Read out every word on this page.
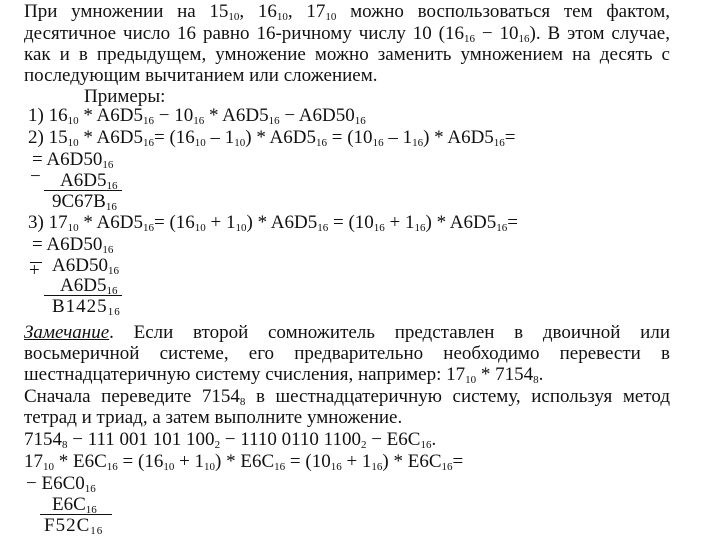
При умножении на $15_{10}$, $16_{10}$, $17_{10}$ можно воспользоваться тем фактом,
десятичное число 16 равно 16-ричному числу 10 $(16_{16} - 10_{16})$. В этом случае,
как и в предыдущем, умножение можно заменить умножением на десять с
последующим вычитанием или сложением.
Примеры:
1) $16_{10} * A6D5_{16} - 10_{16} * A6D5_{16} - A6D50_{16}$
2) $15_{10} * A6D5_{16}= (16_{10} - 1_{10}) * A6D5_{16} = (10_{16} - 1_{16}) * A6D5_{16}=$
= $A6D50_{16}$
− $A6D5_{16}$
$9C67B_{16}$
3) $17_{10} * A6D5_{16}= (16_{10} + 1_{10}) * A6D5_{16} = (10_{16} + 1_{16}) * A6D5_{16}=$
= $A6D50_{16}$
+ $A6D50_{16}$
$A6D5_{16}$
$B1425_{16}$
Замечание. Если второй сомножитель представлен в двоичной или
восьмеричной системе, его предварительно необходимо перевести в
шестнадцатеричную систему счисления, например: $17_{10} * 7154_8$.
Сначала переведите $7154_8$ в шестнадцатеричную систему, используя метод
тетрад и триад, а затем выполните умножение.
$7154_8 - 111$ 001 101 $100_2 - 1110$ 0110 $1100_2 - E6C_{16}$.
$17_{10} * E6C_{16} = (16_{10} + 1_{10}) * E6C_{16} = (10_{16} + 1_{16}) * E6C_{16}=$
− $E6C0_{16}$
$E6C_{16}$
$F52C_{16}$
